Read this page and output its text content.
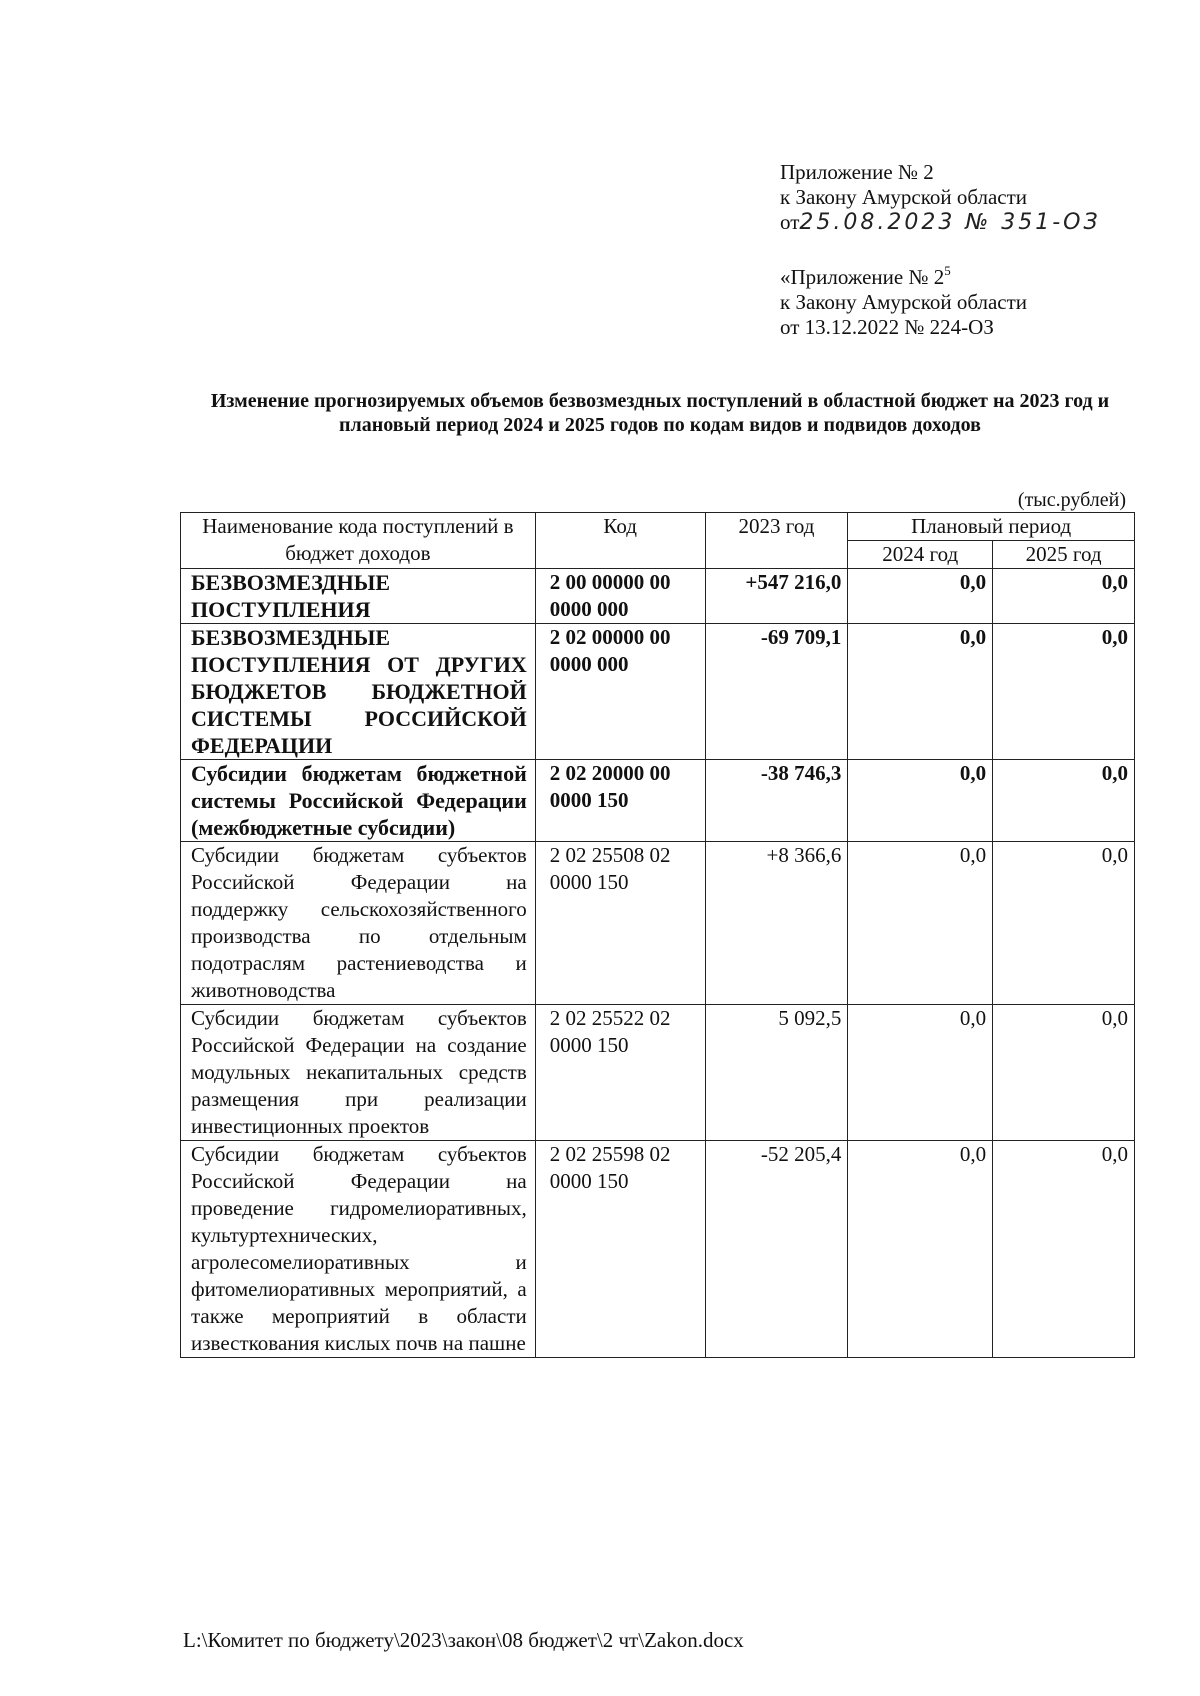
Приложение № 2
к Закону Амурской области
от25.08.2023 № 351-ОЗ
«Приложение № $2^5$
к Закону Амурской области
от 13.12.2022 № 224-ОЗ
Изменение прогнозируемых объемов безвозмездных поступлений в областной бюджет на 2023 год и плановый период 2024 и 2025 годов по кодам видов и подвидов доходов
(тыс.рублей)
Наименование кода поступлений в бюджет доходов	Код	2023 год	Плановый период	
			2024 год	2025 год
БЕЗВОЗМЕЗДНЫЕ ПОСТУПЛЕНИЯ	2 00 00000 00 0000 000	+547 216,0	0,0	0,0
БЕЗВОЗМЕЗДНЫЕ ПОСТУПЛЕНИЯ ОТ ДРУГИХ БЮДЖЕТОВ БЮДЖЕТНОЙ СИСТЕМЫ РОССИЙСКОЙ ФЕДЕРАЦИИ	2 02 00000 00 0000 000	-69 709,1	0,0	0,0
Субсидии бюджетам бюджетной системы Российской Федерации (межбюджетные субсидии)	2 02 20000 00 0000 150	-38 746,3	0,0	0,0
Субсидии бюджетам субъектов Российской Федерации на поддержку сельскохозяйственного производства по отдельным подотраслям растениеводства и животноводства	2 02 25508 02 0000 150	+8 366,6	0,0	0,0
Субсидии бюджетам субъектов Российской Федерации на создание модульных некапитальных средств размещения при реализации инвестиционных проектов	2 02 25522 02 0000 150	5 092,5	0,0	0,0
Субсидии бюджетам субъектов Российской Федерации на проведение гидромелиоративных, культуртехнических, агролесомелиоративных и фитомелиоративных мероприятий, а также мероприятий в области известкования кислых почв на пашне	2 02 25598 02 0000 150	-52 205,4	0,0	0,0
L:\Комитет по бюджету\2023\закон\08 бюджет\2 чт\Zakon.docx
